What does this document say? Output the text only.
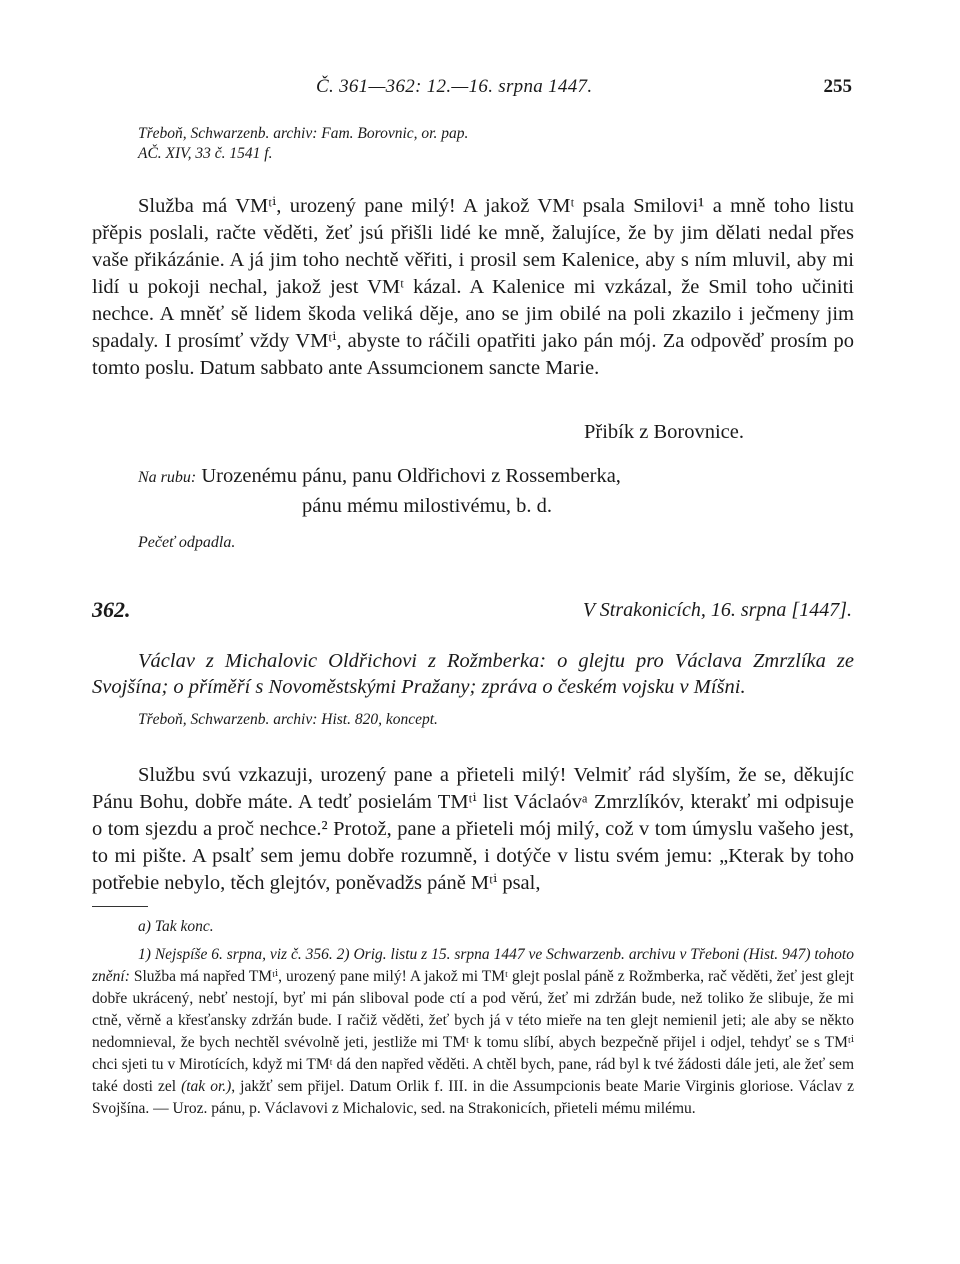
Č. 361—362: 12.—16. srpna 1447.	255
Třeboň, Schwarzenb. archiv: Fam. Borovnic, or. pap.
AČ. XIV, 33 č. 1541 f.

Služba má VMᵗⁱ, urozený pane milý! A jakož VMᵗ psala Smilovi¹ a mně toho listu přěpis poslali, račte věděti, žeť jsú přišli lidé ke mně, žalujíce, že by jim dělati nedal přes vaše přikázánie. A já jim toho nechtě věřiti, i prosil sem Kalenice, aby s ním mluvil, aby mi lidí u pokoji nechal, jakož jest VMᵗ kázal. A Kalenice mi vzkázal, že Smil toho učiniti nechce. A mněť sě lidem škoda veliká děje, ano se jim obilé na poli zkazilo i ječmeny jim spadaly. I prosímť vždy VMᵗⁱ, abyste to ráčili opatřiti jako pán mój. Za odpověď prosím po tomto poslu. Datum sabbato ante Assumcionem sancte Marie.

Přibík z Borovnice.
Na rubu: Urozenému pánu, panu Oldřichovi z Rossemberka,
pánu mému milostivému, b. d.
Pečeť odpadla.
362.	V Strakonicích, 16. srpna [1447].

Václav z Michalovic Oldřichovi z Rožmberka: o glejtu pro Václava Zmrzlíka ze Svojšína; o příměří s Novoměstskými Pražany; zpráva o českém vojsku v Míšni.

Třeboň, Schwarzenb. archiv: Hist. 820, koncept.

Službu svú vzkazuji, urozený pane a přieteli milý! Velmiť rád slyším, že se, děkujíc Pánu Bohu, dobře máte. A tedť posielám TMᵗⁱ list Václaóvᵃ Zmrzlíkóv, kterakť mi odpisuje o tom sjezdu a proč nechce.² Protož, pane a přieteli mój milý, což v tom úmyslu vašeho jest, to mi pište. A psalť sem jemu dobře rozumně, i dotýče v listu svém jemu: „Kterak by toho potřebie nebylo, těch glejtóv, poněvadžs páně Mᵗⁱ psal,

a) Tak konc.

1) Nejspíše 6. srpna, viz č. 356. 2) Orig. listu z 15. srpna 1447 ve Schwarzenb. archivu v Třeboni (Hist. 947) tohoto znění: Služba má napřed TMᵗⁱ, urozený pane milý! A jakož mi TMᵗ glejt poslal páně z Rožmberka, rač věděti, žeť jest glejt dobře ukrácený, nebť nestojí, byť mi pán sliboval pode ctí a pod věrú, žeť mi zdržán bude, než toliko že slibuje, že mi ctně, věrně a křesťansky zdržán bude. I račiž věděti, žeť bych já v této mieře na ten glejt nemienil jeti; ale aby se někto nedomnieval, že bych nechtěl svévolně jeti, jestliže mi TMᵗ k tomu slíbí, abych bezpečně přijel i odjel, tehdyť se s TMᵗⁱ chci sjeti tu v Mirotících, když mi TMᵗ dá den napřed věděti. A chtěl bych, pane, rád byl k tvé žádosti dále jeti, ale žeť sem také dosti zel (tak or.), jakžť sem přijel. Datum Orlik f. III. in die Assumpcionis beate Marie Virginis gloriose. Václav z Svojšína. — Uroz. pánu, p. Václavovi z Michalovic, sed. na Strakonicích, přieteli mému milému.
